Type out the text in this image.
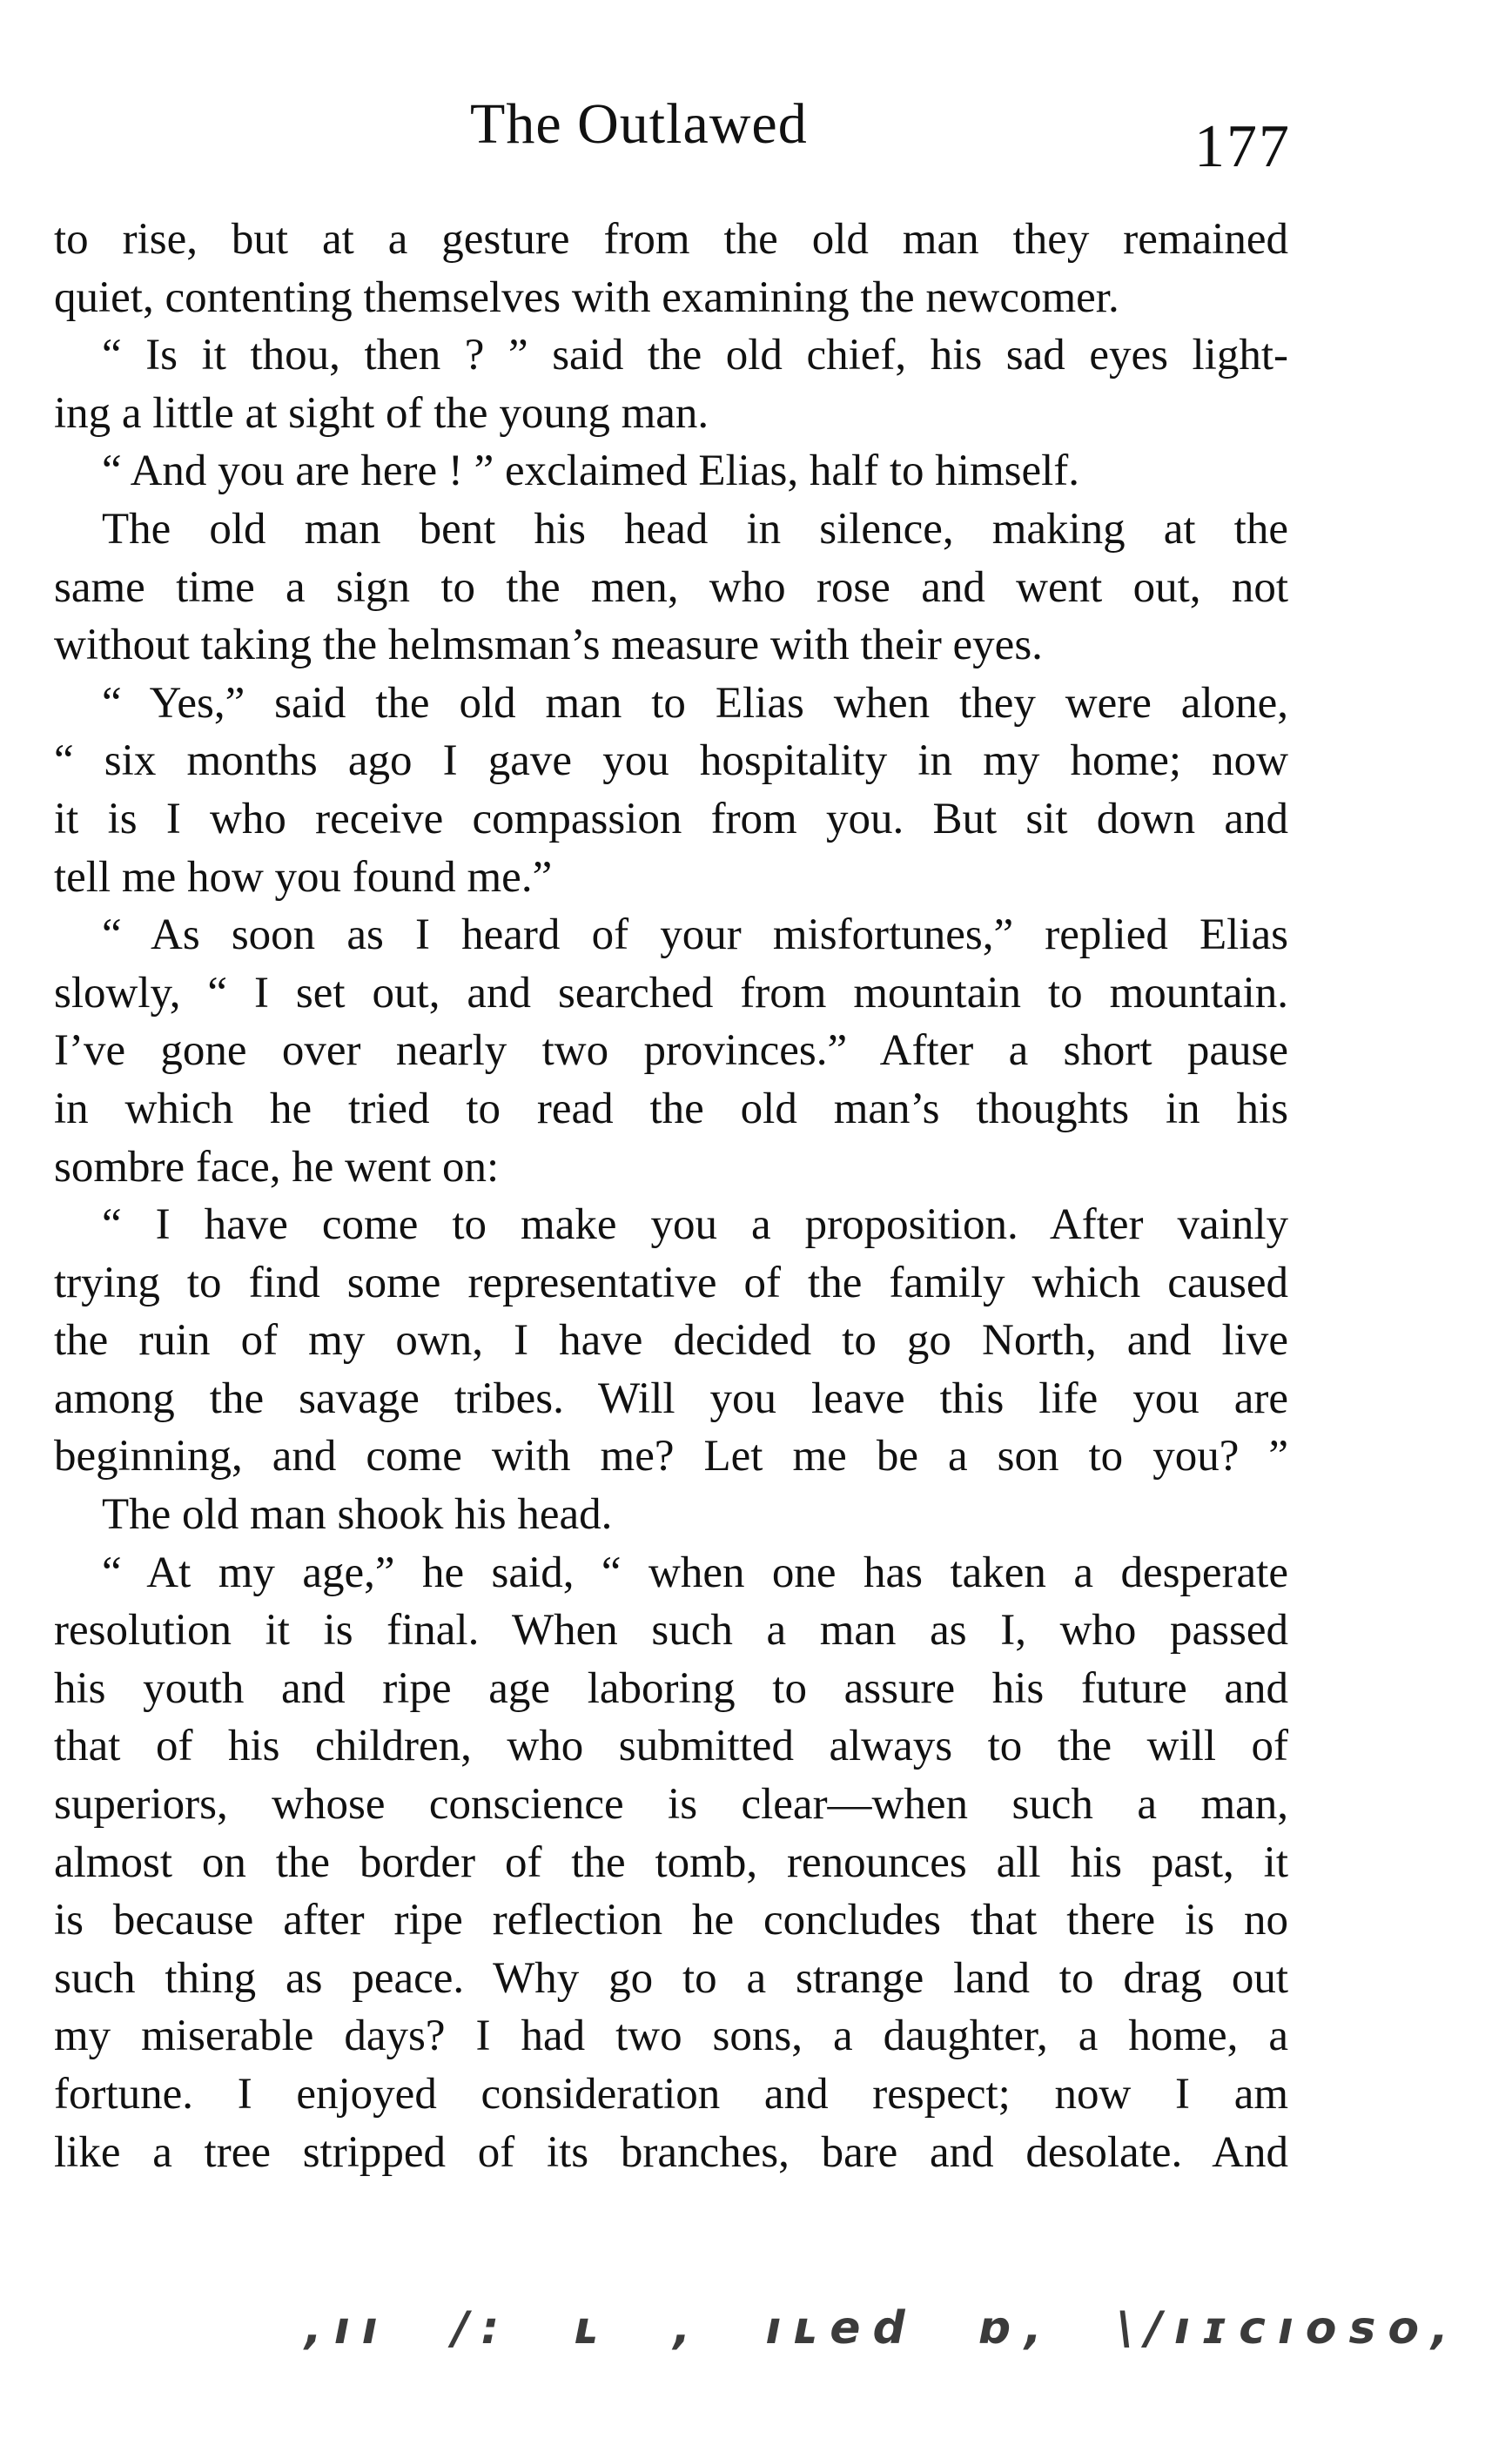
The Outlawed	177
to rise, but at a gesture from the old man they remained
quiet, contenting themselves with examining the newcomer.
“ Is it thou, then ? ” said the old chief, his sad eyes light-
ing a little at sight of the young man.
“ And you are here ! ” exclaimed Elias, half to himself.
The old man bent his head in silence, making at the
same time a sign to the men, who rose and went out, not
without taking the helmsman’s measure with their eyes.
“ Yes,” said the old man to Elias when they were alone,
“ six months ago I gave you hospitality in my home; now
it is I who receive compassion from you. But sit down and
tell me how you found me.”
“ As soon as I heard of your misfortunes,” replied Elias
slowly, “ I set out, and searched from mountain to mountain.
I’ve gone over nearly two provinces.” After a short pause
in which he tried to read the old man’s thoughts in his
sombre face, he went on:
“ I have come to make you a proposition. After vainly
trying to find some representative of the family which caused
the ruin of my own, I have decided to go North, and live
among the savage tribes. Will you leave this life you are
beginning, and come with me? Let me be a son to you? ”
The old man shook his head.
“ At my age,” he said, “ when one has taken a desperate
resolution it is final. When such a man as I, who passed
his youth and ripe age laboring to assure his future and
that of his children, who submitted always to the will of
superiors, whose conscience is clear—when such a man,
almost on the border of the tomb, renounces all his past, it
is because after ripe reflection he concludes that there is no
such thing as peace. Why go to a strange land to drag out
my miserable days? I had two sons, a daughter, a home, a
fortune. I enjoyed consideration and respect; now I am
like a tree stripped of its branches, bare and desolate. And
,ıı /: ʟ , ıʟed ɒ, \/ıɪcıoso,
